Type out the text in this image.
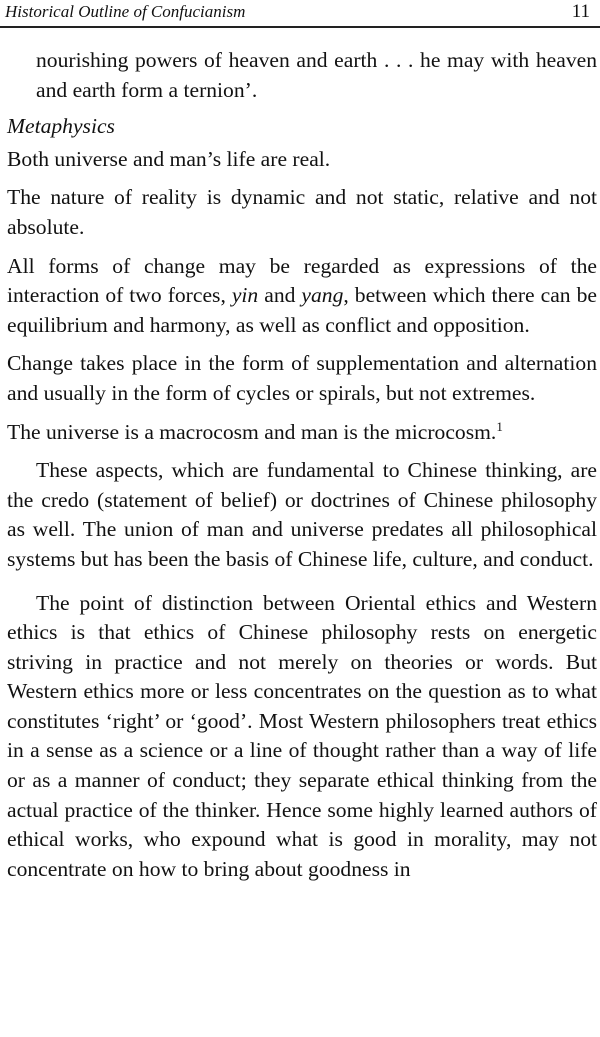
Historical Outline of Confucianism	11

nourishing powers of heaven and earth . . . he may with heaven and earth form a ternion’.

Metaphysics

Both universe and man’s life are real.

The nature of reality is dynamic and not static, relative and not absolute.

All forms of change may be regarded as expressions of the interaction of two forces, yin and yang, between which there can be equilibrium and harmony, as well as conflict and opposition.

Change takes place in the form of supplementation and alternation and usually in the form of cycles or spirals, but not extremes.

The universe is a macrocosm and man is the microcosm.$^1$

These aspects, which are fundamental to Chinese thinking, are the credo (statement of belief) or doctrines of Chinese philosophy as well. The union of man and universe predates all philosophical systems but has been the basis of Chinese life, culture, and conduct.

The point of distinction between Oriental ethics and Western ethics is that ethics of Chinese philosophy rests on energetic striving in practice and not merely on theories or words. But Western ethics more or less concentrates on the question as to what constitutes ‘right’ or ‘good’. Most Western philosophers treat ethics in a sense as a science or a line of thought rather than a way of life or as a manner of conduct; they separate ethical thinking from the actual practice of the thinker. Hence some highly learned authors of ethical works, who expound what is good in morality, may not concentrate on how to bring about goodness in
